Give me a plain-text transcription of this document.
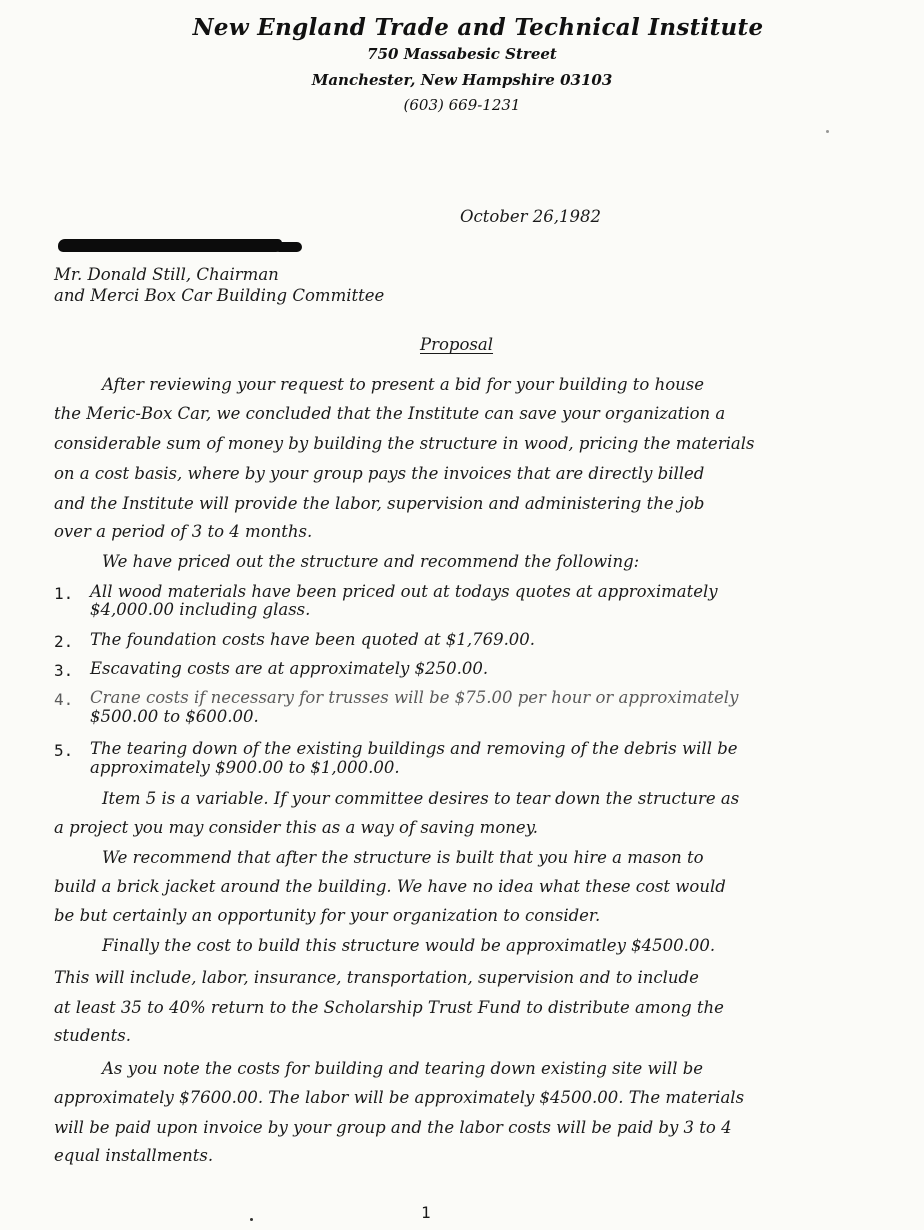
New England Trade and Technical Institute
750 Massabesic Street
Manchester, New Hampshire 03103
(603) 669-1231
October 26,1982
Mr. Donald Still, Chairman
and Merci Box Car Building Committee
Proposal
After reviewing your request to present a bid for your building to house
the Meric-Box Car, we concluded that the Institute can save your organization a
considerable sum of money by building the structure in wood, pricing the materials
on a cost basis, where by your group pays the invoices that are directly billed
and the Institute will provide the labor, supervision and administering the job
over a period of 3 to 4 months.
We have priced out the structure and recommend the following:
1. All wood materials have been priced out at todays quotes at approximately
$4,000.00 including glass.
2. The foundation costs have been quoted at $1,769.00.
3. Escavating costs are at approximately $250.00.
4. Crane costs if necessary for trusses will be $75.00 per hour or approximately
$500.00 to $600.00.
5. The tearing down of the existing buildings and removing of the debris will be
approximately $900.00 to $1,000.00.
Item 5 is a variable. If your committee desires to tear down the structure as
a project you may consider this as a way of saving money.
We recommend that after the structure is built that you hire a mason to
build a brick jacket around the building. We have no idea what these cost would
be but certainly an opportunity for your organization to consider.
Finally the cost to build this structure would be approximatley $4500.00.
This will include, labor, insurance, transportation, supervision and to include
at least 35 to 40% return to the Scholarship Trust Fund to distribute among the
students.
As you note the costs for building and tearing down existing site will be
approximately $7600.00. The labor will be approximately $4500.00. The materials
will be paid upon invoice by your group and the labor costs will be paid by 3 to 4
equal installments.
1
